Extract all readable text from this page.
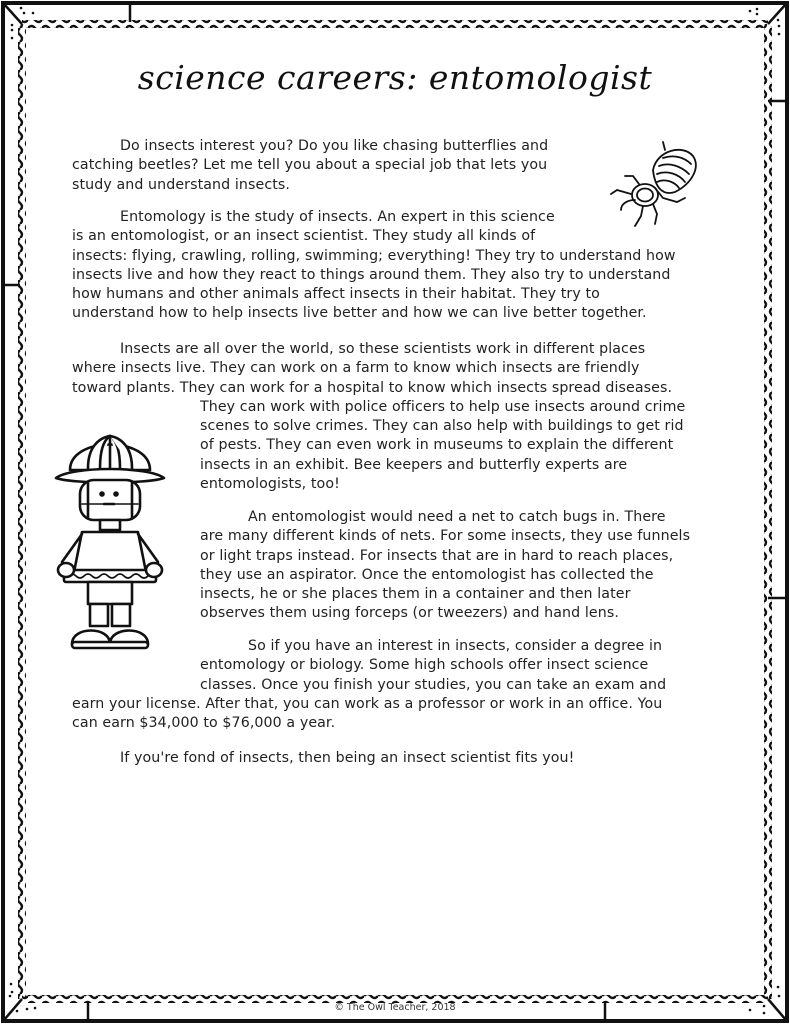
science careers: entomologist
Do insects interest you? Do you like chasing butterflies and
catching beetles? Let me tell you about a special job that lets you
study and understand insects.
Entomology is the study of insects. An expert in this science
is an entomologist, or an insect scientist. They study all kinds of
insects: flying, crawling, rolling, swimming; everything! They try to understand how
insects live and how they react to things around them. They also try to understand
how humans and other animals affect insects in their habitat. They try to
understand how to help insects live better and how we can live better together.
Insects are all over the world, so these scientists work in different places
where insects live. They can work on a farm to know which insects are friendly
toward plants. They can work for a hospital to know which insects spread diseases.
They can work with police officers to help use insects around crime
scenes to solve crimes. They can also help with buildings to get rid
of pests. They can even work in museums to explain the different
insects in an exhibit. Bee keepers and butterfly experts are
entomologists, too!
An entomologist would need a net to catch bugs in. There
are many different kinds of nets. For some insects, they use funnels
or light traps instead. For insects that are in hard to reach places,
they use an aspirator. Once the entomologist has collected the
insects, he or she places them in a container and then later
observes them using forceps (or tweezers) and hand lens.
So if you have an interest in insects, consider a degree in
entomology or biology. Some high schools offer insect science
classes. Once you finish your studies, you can take an exam and
earn your license. After that, you can work as a professor or work in an office. You
can earn $34,000 to $76,000 a year.
If you're fond of insects, then being an insect scientist fits you!
© The Owl Teacher, 2018
